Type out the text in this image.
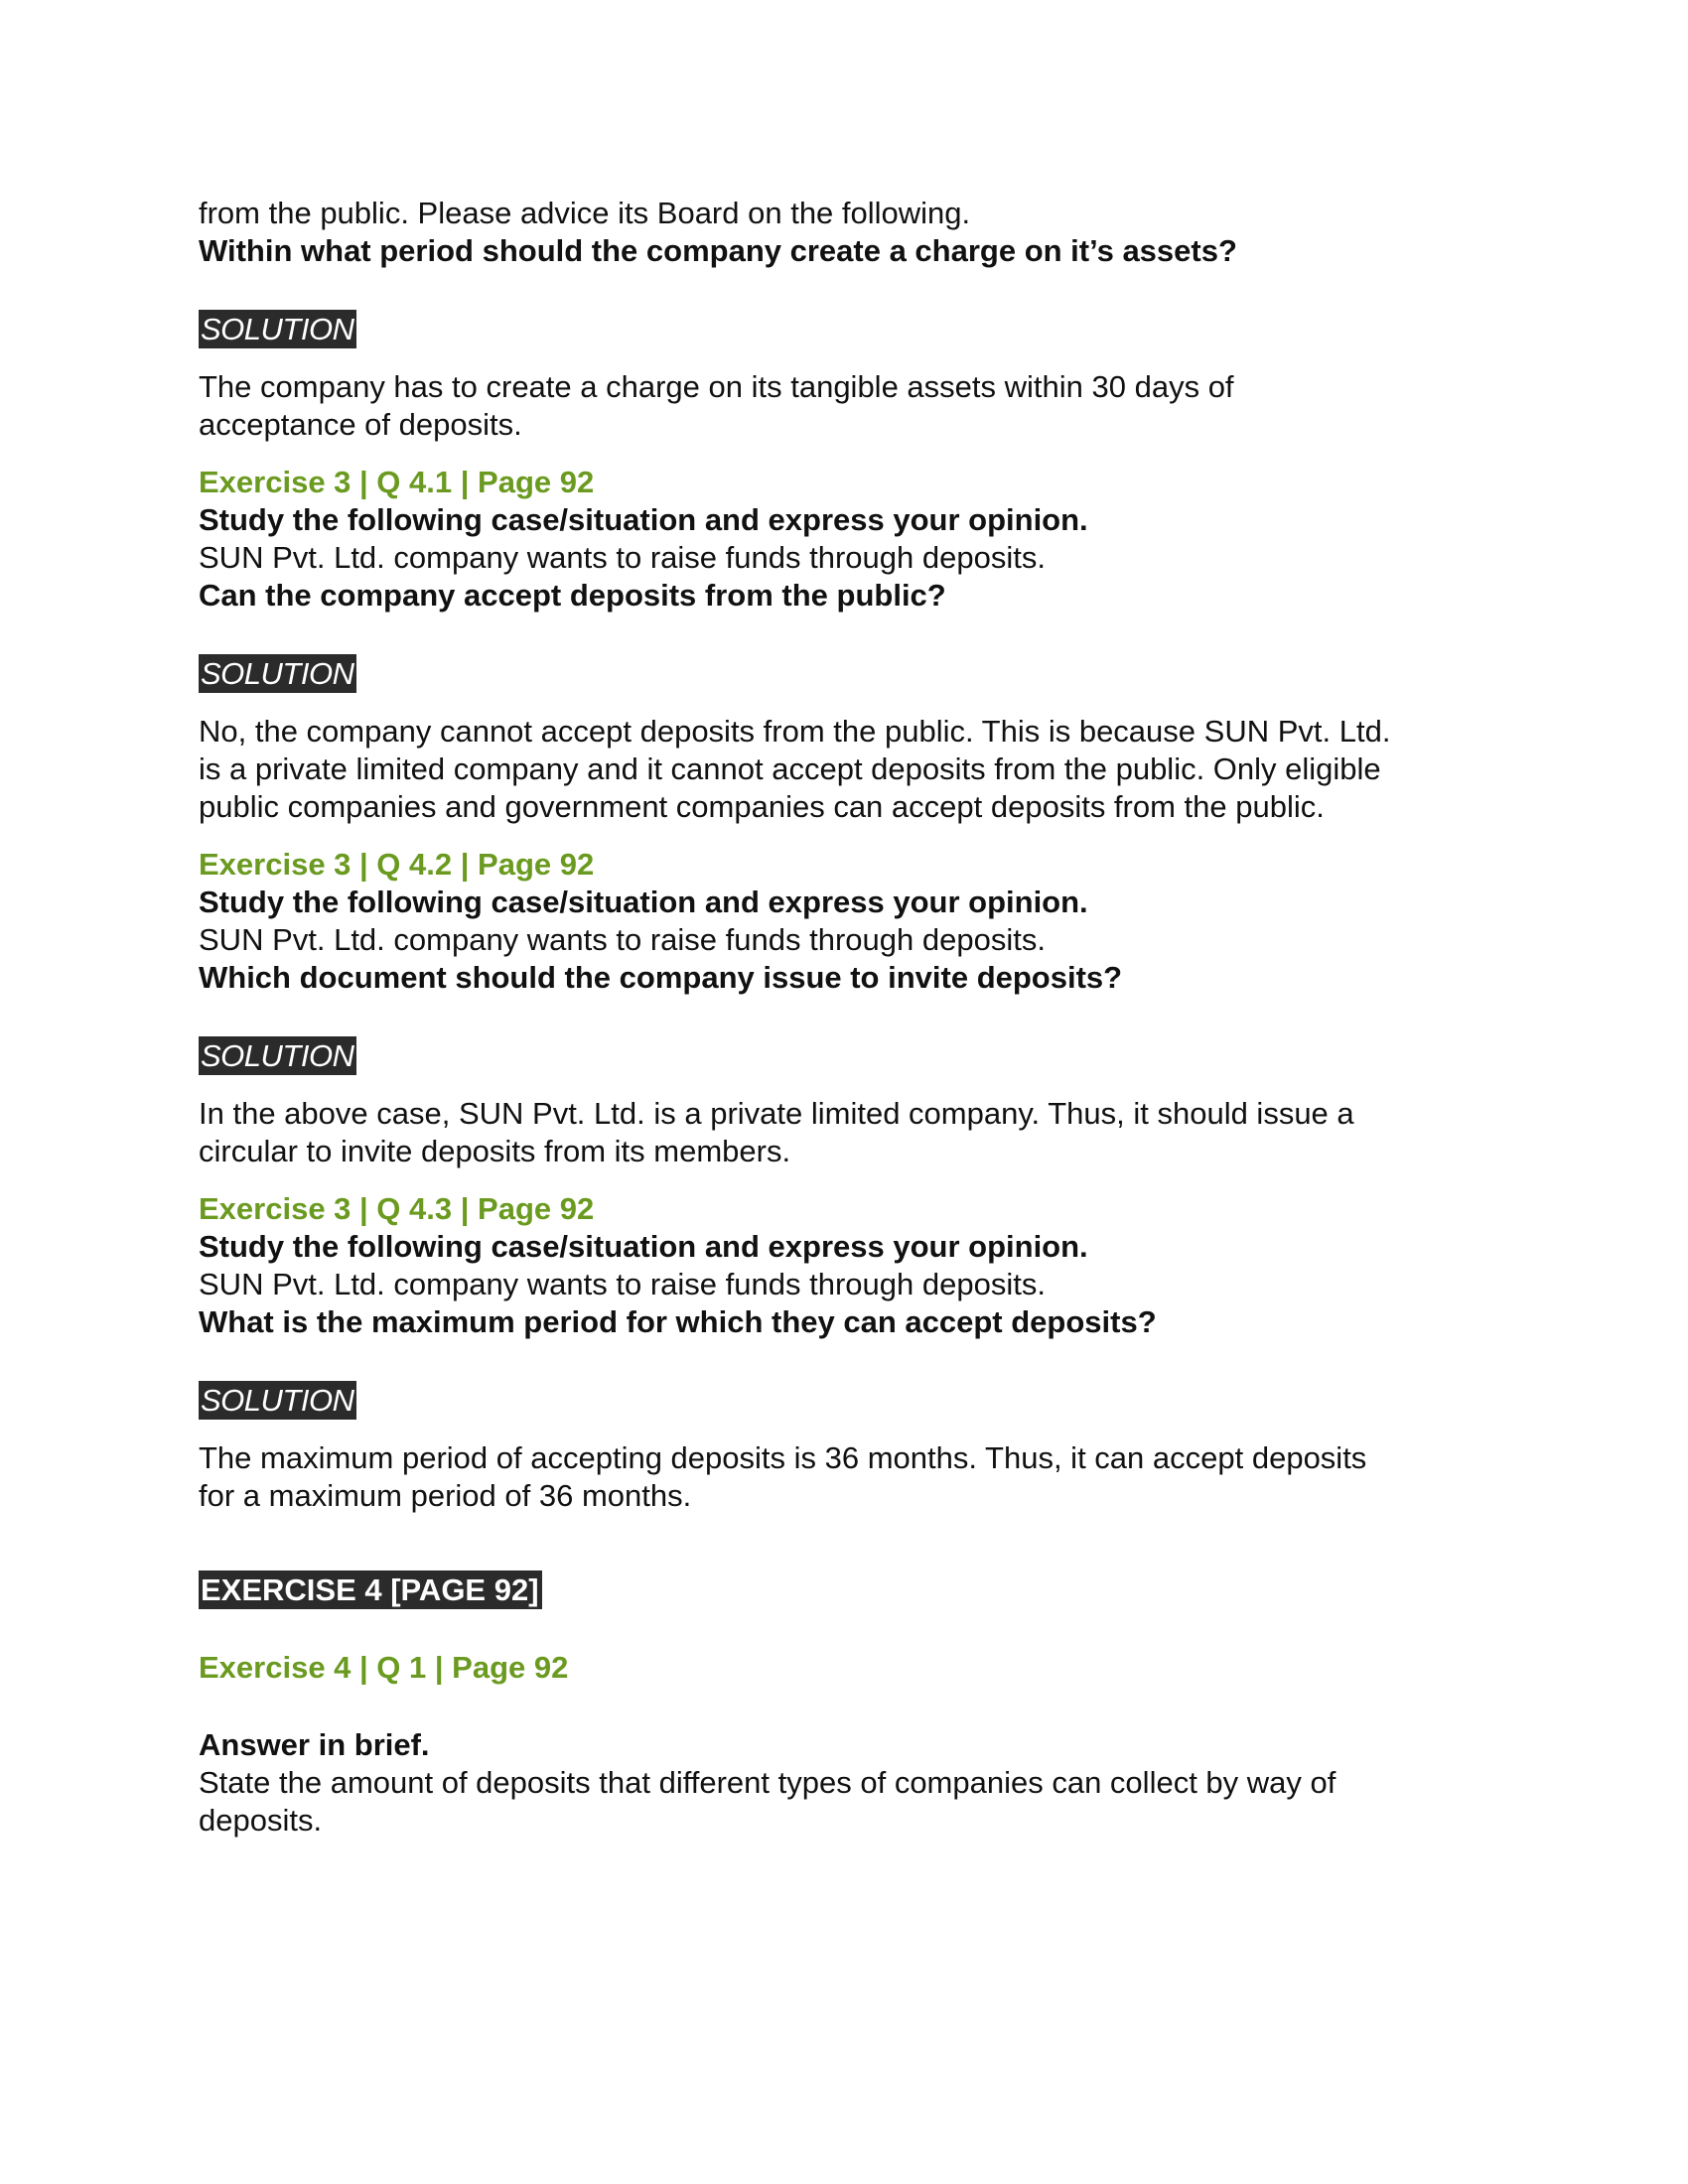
from the public. Please advice its Board on the following.

Within what period should the company create a charge on it’s assets?

SOLUTION

The company has to create a charge on its tangible assets within 30 days of

acceptance of deposits.

Exercise 3 | Q 4.1 | Page 92

Study the following case/situation and express your opinion.

SUN Pvt. Ltd. company wants to raise funds through deposits.

Can the company accept deposits from the public?

SOLUTION

No, the company cannot accept deposits from the public. This is because SUN Pvt. Ltd.

is a private limited company and it cannot accept deposits from the public. Only eligible

public companies and government companies can accept deposits from the public.

Exercise 3 | Q 4.2 | Page 92

Study the following case/situation and express your opinion.

SUN Pvt. Ltd. company wants to raise funds through deposits.

Which document should the company issue to invite deposits?

SOLUTION

In the above case, SUN Pvt. Ltd. is a private limited company. Thus, it should issue a

circular to invite deposits from its members.

Exercise 3 | Q 4.3 | Page 92

Study the following case/situation and express your opinion.

SUN Pvt. Ltd. company wants to raise funds through deposits.

What is the maximum period for which they can accept deposits?

SOLUTION

The maximum period of accepting deposits is 36 months. Thus, it can accept deposits

for a maximum period of 36 months.

EXERCISE 4 [PAGE 92]

Exercise 4 | Q 1 | Page 92

Answer in brief.

State the amount of deposits that different types of companies can collect by way of

deposits.
